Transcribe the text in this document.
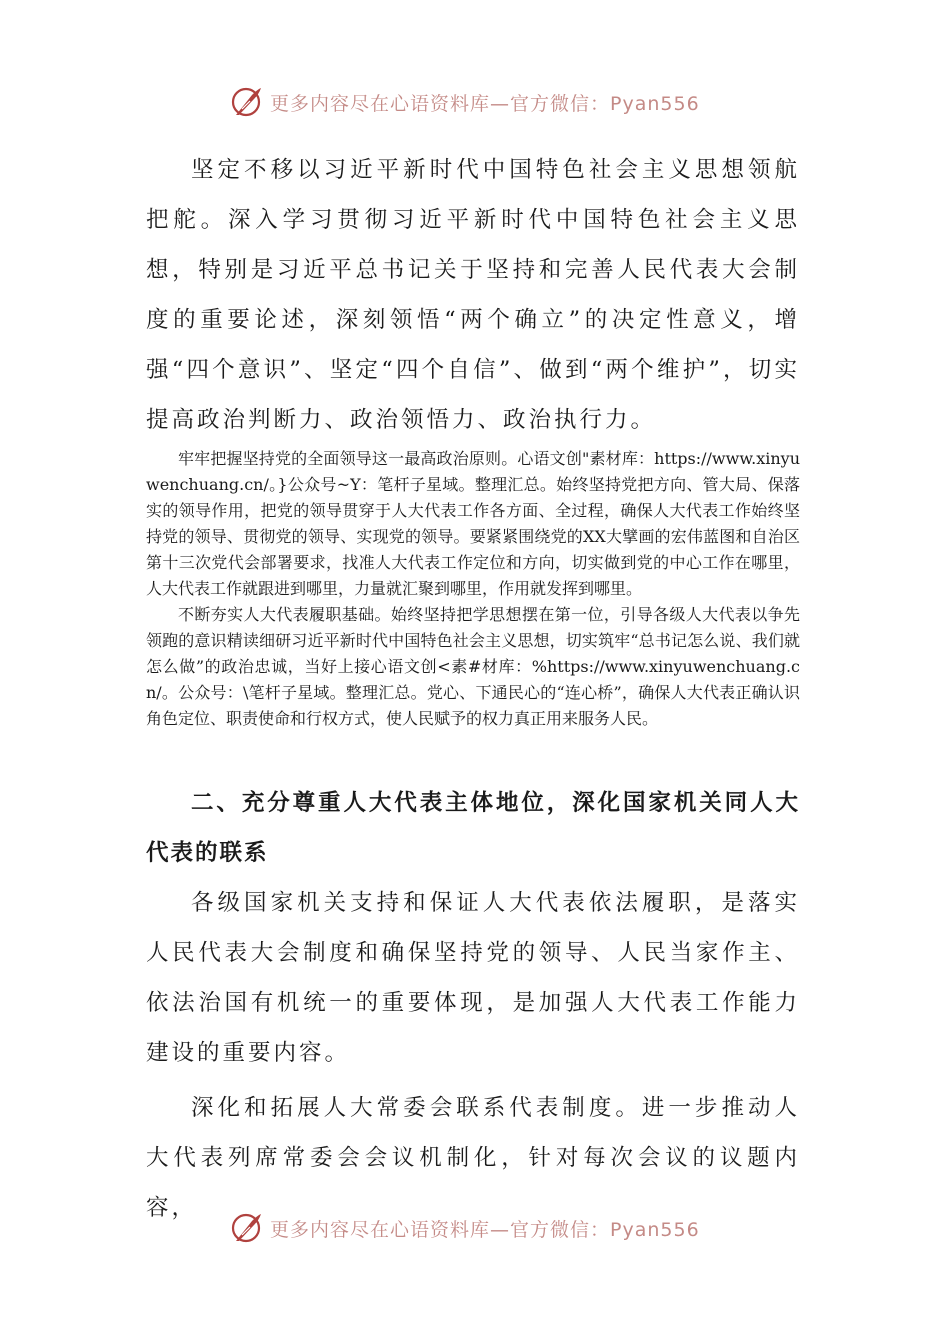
更多内容尽在心语资料库—官方微信：Pyan556

坚定不移以习近平新时代中国特色社会主义思想领航把舵。深入学习贯彻习近平新时代中国特色社会主义思想，特别是习近平总书记关于坚持和完善人民代表大会制度的重要论述，深刻领悟“两个确立”的决定性意义，增强“四个意识”、坚定“四个自信”、做到“两个维护”，切实提高政治判断力、政治领悟力、政治执行力。

牢牢把握坚持党的全面领导这一最高政治原则。心语文创"素材库：https://www.xinyuwenchuang.cn/。}公众号~Y：笔杆子星域。整理汇总。始终坚持党把方向、管大局、保落实的领导作用，把党的领导贯穿于人大代表工作各方面、全过程，确保人大代表工作始终坚持党的领导、贯彻党的领导、实现党的领导。要紧紧围绕党的XX大擘画的宏伟蓝图和自治区第十三次党代会部署要求，找准人大代表工作定位和方向，切实做到党的中心工作在哪里，人大代表工作就跟进到哪里，力量就汇聚到哪里，作用就发挥到哪里。

不断夯实人大代表履职基础。始终坚持把学思想摆在第一位，引导各级人大代表以争先领跑的意识精读细研习近平新时代中国特色社会主义思想，切实筑牢“总书记怎么说、我们就怎么做”的政治忠诚，当好上接心语文创<素#材库：%https://www.xinyuwenchuang.cn/。公众号：\笔杆子星域。整理汇总。党心、下通民心的“连心桥”，确保人大代表正确认识角色定位、职责使命和行权方式，使人民赋予的权力真正用来服务人民。

二、充分尊重人大代表主体地位，深化国家机关同人大代表的联系

各级国家机关支持和保证人大代表依法履职，是落实人民代表大会制度和确保坚持党的领导、人民当家作主、依法治国有机统一的重要体现，是加强人大代表工作能力建设的重要内容。

深化和拓展人大常委会联系代表制度。进一步推动人大代表列席常委会会议机制化，针对每次会议的议题内容，

更多内容尽在心语资料库—官方微信：Pyan556
